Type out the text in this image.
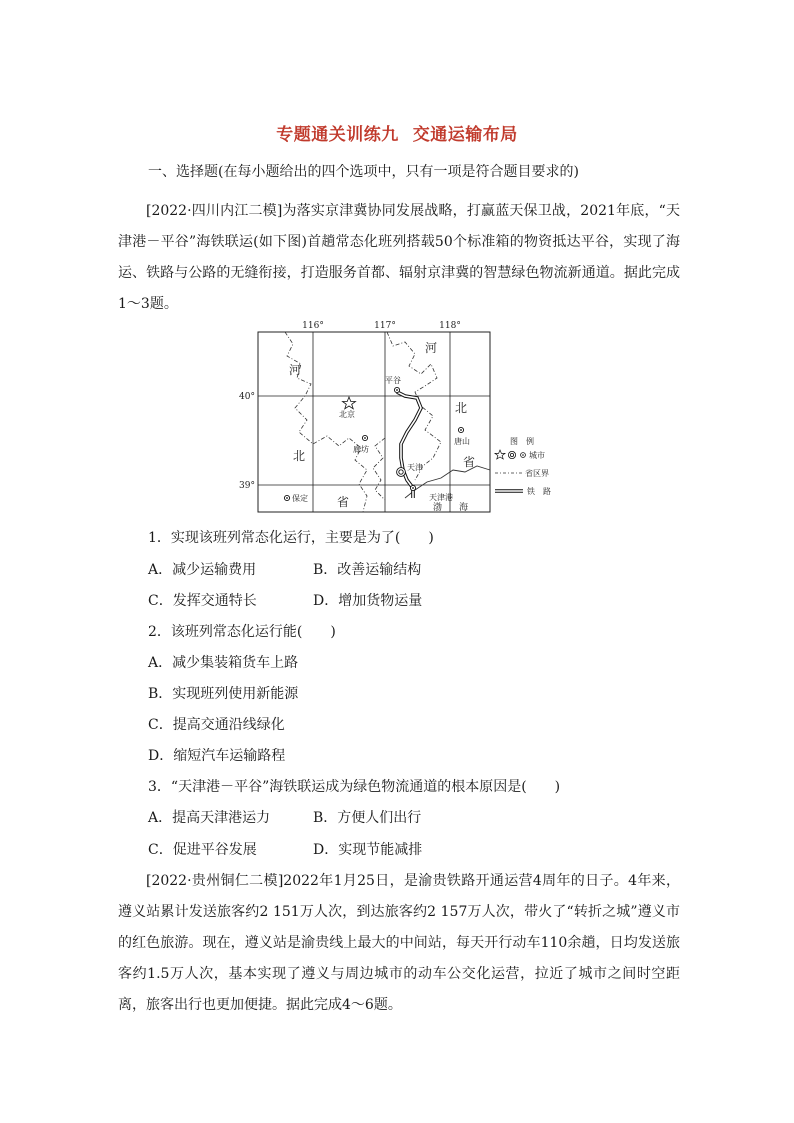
专题通关训练九 交通运输布局
一、选择题(在每小题给出的四个选项中，只有一项是符合题目要求的)
[2022·四川内江二模]为落实京津冀协同发展战略，打赢蓝天保卫战，2021年底，“天津港－平谷”海铁联运(如下图)首趟常态化班列搭载50个标准箱的物资抵达平谷，实现了海运、铁路与公路的无缝衔接，打造服务首都、辐射京津冀的智慧绿色物流新通道。据此完成1～3题。
116°	117°	118°
40°
39°
河
河
北
北	省
省	渤 海
平谷
北京
唐山
廊坊
天津
天津港
保定
图　例
城市
省区界
铁　路
1．实现该班列常态化运行，主要是为了(　　)
A．减少运输费用	B．改善运输结构
C．发挥交通特长	D．增加货物运量
2．该班列常态化运行能(　　)
A．减少集装箱货车上路
B．实现班列使用新能源
C．提高交通沿线绿化
D．缩短汽车运输路程
3．“天津港－平谷”海铁联运成为绿色物流通道的根本原因是(　　)
A．提高天津港运力	B．方便人们出行
C．促进平谷发展	D．实现节能减排
[2022·贵州铜仁二模]2022年1月25日，是渝贵铁路开通运营4周年的日子。4年来，遵义站累计发送旅客约2 151万人次，到达旅客约2 157万人次，带火了“转折之城”遵义市的红色旅游。现在，遵义站是渝贵线上最大的中间站，每天开行动车110余趟，日均发送旅客约1.5万人次，基本实现了遵义与周边城市的动车公交化运营，拉近了城市之间时空距离，旅客出行也更加便捷。据此完成4～6题。
